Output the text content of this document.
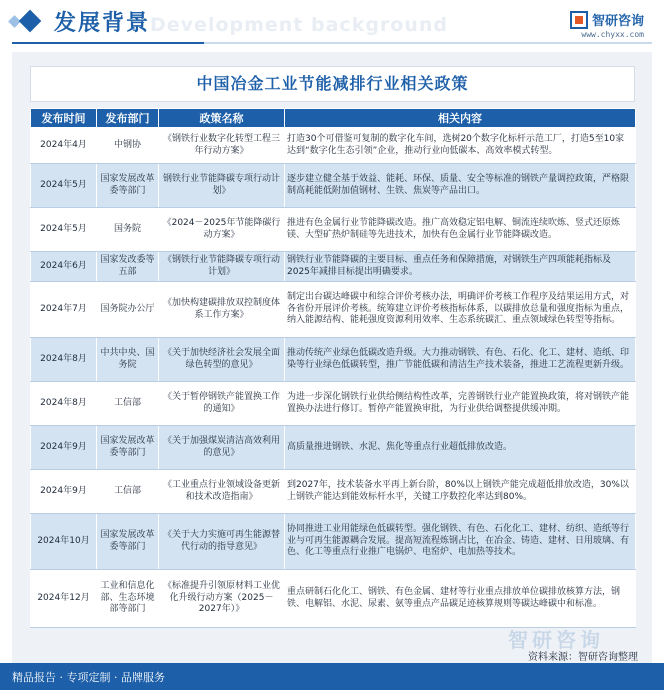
发展背景 Development background	智研咨询
www.chyxx.com
中国冶金工业节能减排行业相关政策
发布时间	发布部门	政策名称	相关内容
2024年4月	中钢协	《钢铁行业数字化转型工程三年行动方案》	打造30个可借鉴可复制的数字化车间，选树20个数字化标杆示范工厂，打造5至10家达到“数字化生态引领”企业，推动行业向低碳本、高效率模式转型。
2024年5月	国家发展改革委等部门	钢铁行业节能降碳专项行动计划》	逐步建立健全基于效益、能耗、环保、质量、安全等标准的钢铁产量调控政策，严格限制高耗能低附加值钢材、生铁、焦炭等产品出口。
2024年5月	国务院	《2024－2025年节能降碳行动方案》	推进有色金属行业节能降碳改造。推广高效稳定铝电解、铜流连续吹炼、竖式还原炼镁、大型矿热炉制硅等先进技术，加快有色金属行业节能降碳改造。
2024年6月	国家发改委等五部	《钢铁行业节能降碳专项行动计划》	钢铁行业节能降碳的主要目标、重点任务和保障措施，对钢铁生产四项能耗指标及2025年减排目标提出明确要求。
2024年7月	国务院办公厅	《加快构建碳排放双控制度体系工作方案》	制定出台碳达峰碳中和综合评价考核办法，明确评价考核工作程序及结果运用方式，对各省份开展评价考核。统筹建立评价考核指标体系，以碳排放总量和强度指标为重点，纳入能源结构、能耗强度资源利用效率、生态系统碳汇、重点领域绿色转型等指标。
2024年8月	中共中央、国务院	《关于加快经济社会发展全面绿色转型的意见》	推动传统产业绿色低碳改造升级。大力推动钢铁、有色、石化、化工、建材、造纸、印染等行业绿色低碳转型，推广节能低碳和清洁生产技术装备，推进工艺流程更新升级。
2024年8月	工信部	《关于暂停钢铁产能置换工作的通知》	为进一步深化钢铁行业供给侧结构性改革，完善钢铁行业产能置换政策，将对钢铁产能置换办法进行修订。暂停产能置换审批，为行业供给调整提供缓冲期。
2024年9月	国家发展改革委等部门	《关于加强煤炭清洁高效利用的意见》	高质量推进钢铁、水泥、焦化等重点行业超低排放改造。
2024年9月	工信部	《工业重点行业领域设备更新和技术改造指南》	到2027年，技术装备水平再上新台阶，80%以上钢铁产能完成超低排放改造，30%以上钢铁产能达到能效标杆水平，关键工序数控化率达到80%。
2024年10月	国家发展改革委等部门	《关于大力实施可再生能源替代行动的指导意见》	协同推进工业用能绿色低碳转型。强化钢铁、有色、石化化工、建材、纺织、造纸等行业与可再生能源耦合发展。提高短流程炼钢占比，在冶金、铸造、建材、日用玻璃、有色、化工等重点行业推广电锅炉、电窑炉、电加热等技术。
2024年12月	工业和信息化部、生态环境部等部门	《标准提升引领原材料工业优化升级行动方案（2025－2027年）》	重点研制石化化工、钢铁、有色金属、建材等行业重点排放单位碳排放核算方法，钢铁、电解铝、水泥、尿素、氨等重点产品碳足迹核算规则等碳达峰碳中和标准。
智研咨询
资料来源：智研咨询整理
精品报告 · 专项定制 · 品牌服务
